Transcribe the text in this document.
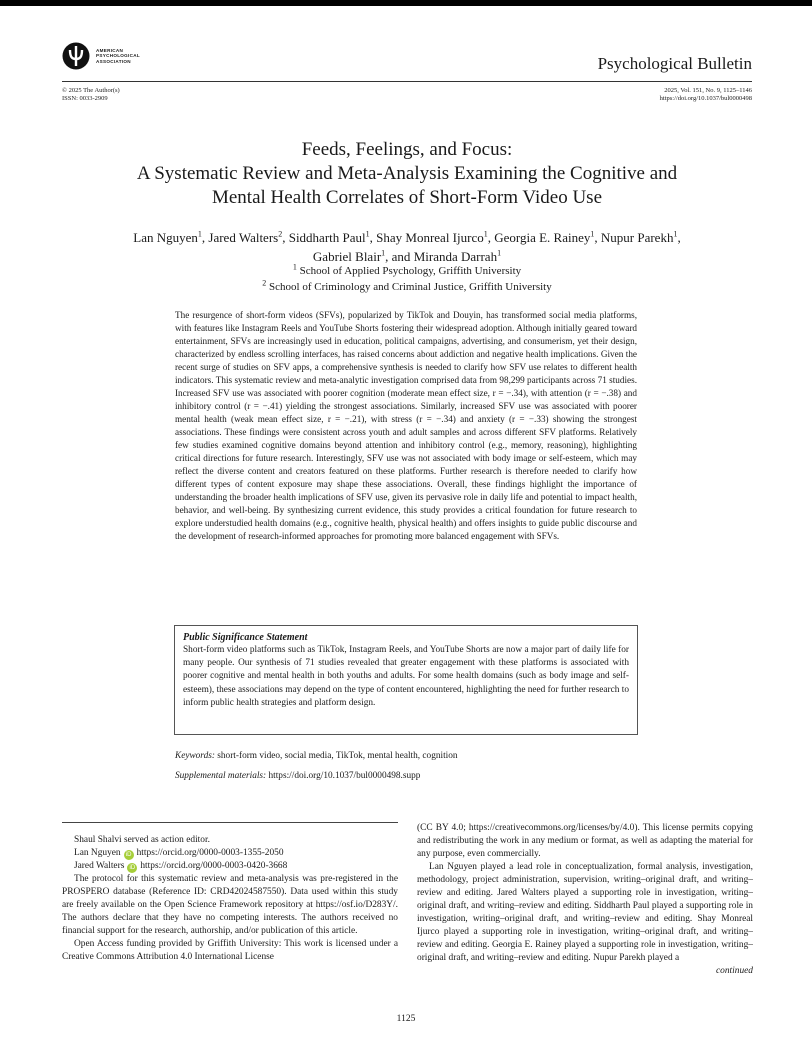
AMERICAN
PSYCHOLOGICAL
ASSOCIATION	Psychological Bulletin
© 2025 The Author(s)
ISSN: 0033-2909
2025, Vol. 151, No. 9, 1125–1146
https://doi.org/10.1037/bul0000498
Feeds, Feelings, and Focus:
A Systematic Review and Meta-Analysis Examining the Cognitive and
Mental Health Correlates of Short-Form Video Use
Lan Nguyen$^1$, Jared Walters$^2$, Siddharth Paul$^1$, Shay Monreal Ijurco$^1$, Georgia E. Rainey$^1$, Nupur Parekh$^1$,
Gabriel Blair$^1$, and Miranda Darrah$^1$
$^1$ School of Applied Psychology, Griffith University
$^2$ School of Criminology and Criminal Justice, Griffith University
The resurgence of short-form videos (SFVs), popularized by TikTok and Douyin, has transformed social media platforms, with features like Instagram Reels and YouTube Shorts fostering their widespread adoption. Although initially geared toward entertainment, SFVs are increasingly used in education, political campaigns, advertising, and consumerism, yet their design, characterized by endless scrolling interfaces, has raised concerns about addiction and negative health implications. Given the recent surge of studies on SFV apps, a comprehensive synthesis is needed to clarify how SFV use relates to different health indicators. This systematic review and meta-analytic investigation comprised data from 98,299 participants across 71 studies. Increased SFV use was associated with poorer cognition (moderate mean effect size, r = −.34), with attention (r = −.38) and inhibitory control (r = −.41) yielding the strongest associations. Similarly, increased SFV use was associated with poorer mental health (weak mean effect size, r = −.21), with stress (r = −.34) and anxiety (r = −.33) showing the strongest associations. These findings were consistent across youth and adult samples and across different SFV platforms. Relatively few studies examined cognitive domains beyond attention and inhibitory control (e.g., memory, reasoning), highlighting critical directions for future research. Interestingly, SFV use was not associated with body image or self-esteem, which may reflect the diverse content and creators featured on these platforms. Further research is therefore needed to clarify how different types of content exposure may shape these associations. Overall, these findings highlight the importance of understanding the broader health implications of SFV use, given its pervasive role in daily life and potential to impact health, behavior, and well-being. By synthesizing current evidence, this study provides a critical foundation for future research to explore understudied health domains (e.g., cognitive health, physical health) and offers insights to guide public discourse and the development of research-informed approaches for promoting more balanced engagement with SFVs.
Public Significance Statement
Short-form video platforms such as TikTok, Instagram Reels, and YouTube Shorts are now a major part of daily life for many people. Our synthesis of 71 studies revealed that greater engagement with these platforms is associated with poorer cognitive and mental health in both youths and adults. For some health domains (such as body image and self-esteem), these associations may depend on the type of content encountered, highlighting the need for further research to inform public health strategies and platform design.
Keywords: short-form video, social media, TikTok, mental health, cognition
Supplemental materials: https://doi.org/10.1037/bul0000498.supp

Shaul Shalvi served as action editor.

Lan Nguyen iD https://orcid.org/0000-0003-1355-2050

Jared Walters iD https://orcid.org/0000-0003-0420-3668

The protocol for this systematic review and meta-analysis was pre-registered in the PROSPERO database (Reference ID: CRD42024587550). Data used within this study are freely available on the Open Science Framework repository at https://osf.io/D283Y/. The authors declare that they have no competing interests. The authors received no financial support for the research, authorship, and/or publication of this article.

Open Access funding provided by Griffith University: This work is licensed under a Creative Commons Attribution 4.0 International License

(CC BY 4.0; https://creativecommons.org/licenses/by/4.0). This license permits copying and redistributing the work in any medium or format, as well as adapting the material for any purpose, even commercially.

Lan Nguyen played a lead role in conceptualization, formal analysis, investigation, methodology, project administration, supervision, writing–original draft, and writing–review and editing. Jared Walters played a supporting role in investigation, writing–original draft, and writing–review and editing. Siddharth Paul played a supporting role in investigation, writing–original draft, and writing–review and editing. Shay Monreal Ijurco played a supporting role in investigation, writing–original draft, and writing–review and editing. Georgia E. Rainey played a supporting role in investigation, writing–original draft, and writing–review and editing. Nupur Parekh played a

continued

1125
